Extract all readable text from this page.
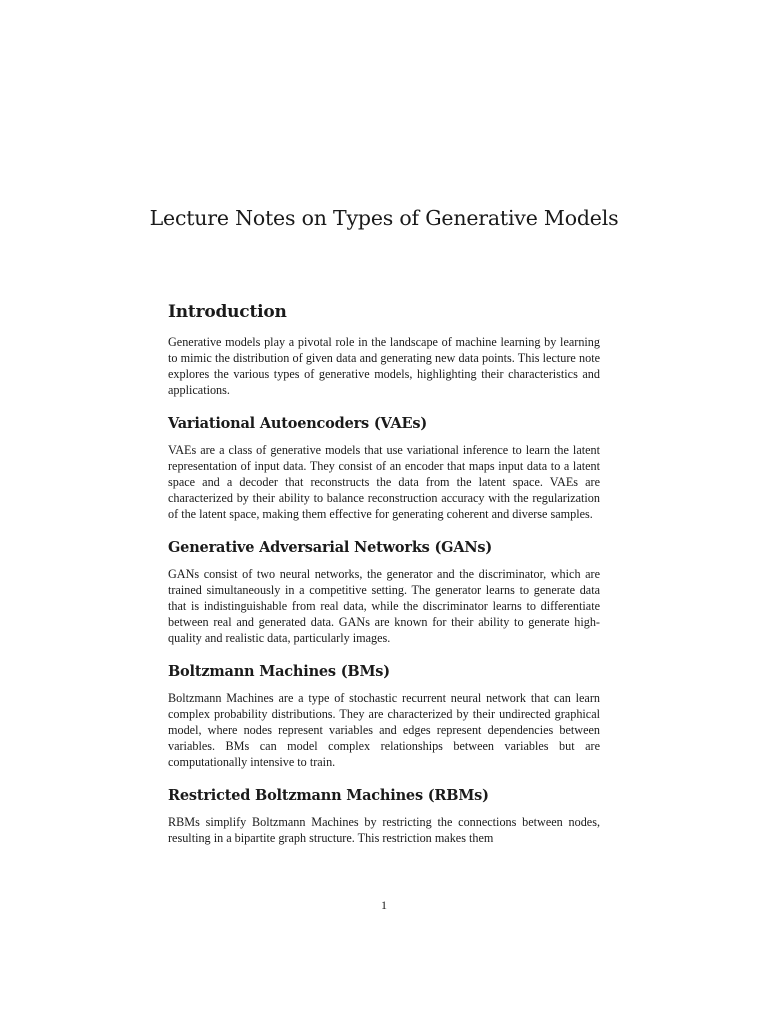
Lecture Notes on Types of Generative Models
Introduction

Generative models play a pivotal role in the landscape of machine learning by learning to mimic the distribution of given data and generating new data points. This lecture note explores the various types of generative models, highlighting their characteristics and applications.

Variational Autoencoders (VAEs)

VAEs are a class of generative models that use variational inference to learn the latent representation of input data. They consist of an encoder that maps input data to a latent space and a decoder that reconstructs the data from the latent space. VAEs are characterized by their ability to balance reconstruction accuracy with the regularization of the latent space, making them effective for generating coherent and diverse samples.

Generative Adversarial Networks (GANs)

GANs consist of two neural networks, the generator and the discriminator, which are trained simultaneously in a competitive setting. The generator learns to generate data that is indistinguishable from real data, while the discriminator learns to differentiate between real and generated data. GANs are known for their ability to generate high-quality and realistic data, particularly images.

Boltzmann Machines (BMs)

Boltzmann Machines are a type of stochastic recurrent neural network that can learn complex probability distributions. They are characterized by their undirected graphical model, where nodes represent variables and edges represent dependencies between variables. BMs can model complex relationships between variables but are computationally intensive to train.

Restricted Boltzmann Machines (RBMs)

RBMs simplify Boltzmann Machines by restricting the connections between nodes, resulting in a bipartite graph structure. This restriction makes them

1
